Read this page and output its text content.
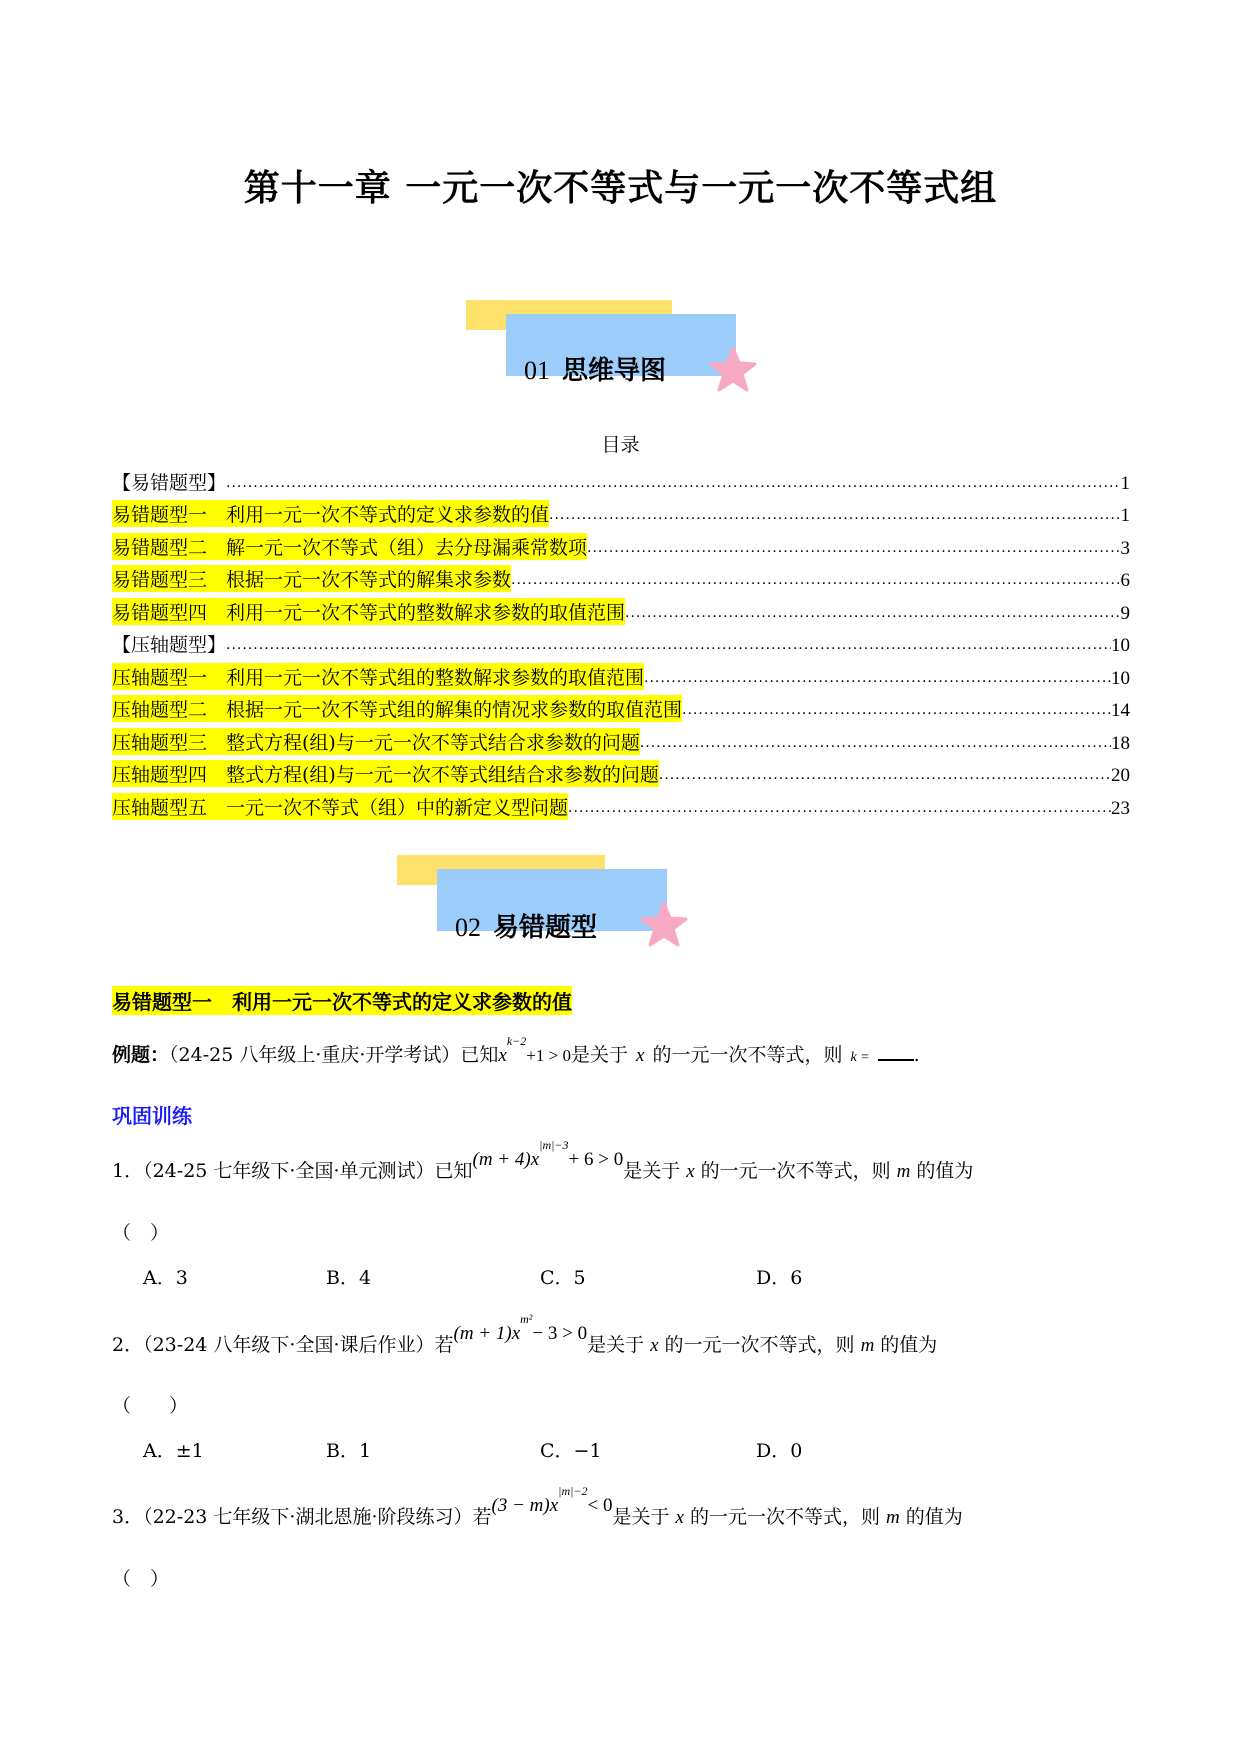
第十一章 一元一次不等式与一元一次不等式组
01 思维导图
目录
【易错题型】 .....	1
易错题型一　利用一元一次不等式的定义求参数的值 .....	1
易错题型二　解一元一次不等式（组）去分母漏乘常数项 .....	3
易错题型三　根据一元一次不等式的解集求参数 .....	6
易错题型四　利用一元一次不等式的整数解求参数的取值范围 .....	9
【压轴题型】 .....	10
压轴题型一　利用一元一次不等式组的整数解求参数的取值范围 .....	10
压轴题型二　根据一元一次不等式组的解集的情况求参数的取值范围 .....	14
压轴题型三　整式方程(组)与一元一次不等式结合求参数的问题 .....	18
压轴题型四　整式方程(组)与一元一次不等式组结合求参数的问题 .....	20
压轴题型五　一元一次不等式（组）中的新定义型问题 .....	23
02 易错题型
易错题型一　利用一元一次不等式的定义求参数的值
例题：（24-25 八年级上·重庆·开学考试）已知$x^{k-2}+1 > 0$是关于 x 的一元一次不等式，则 k = .
巩固训练
1．（24-25 七年级下·全国·单元测试）已知$(m + 4)x^{|m|-3}+ 6 > 0$是关于 x 的一元一次不等式，则 m 的值为
（　）
A．3	B．4	C．5	D．6
2．（23-24 八年级下·全国·课后作业）若$(m + 1)x^{m^2}- 3 > 0$是关于 x 的一元一次不等式，则 m 的值为
（　　）
A．±1	B．1	C．−1	D．0
3．（22-23 七年级下·湖北恩施·阶段练习）若$(3 - m)x^{|m|-2}< 0$是关于 x 的一元一次不等式，则 m 的值为
（　）
